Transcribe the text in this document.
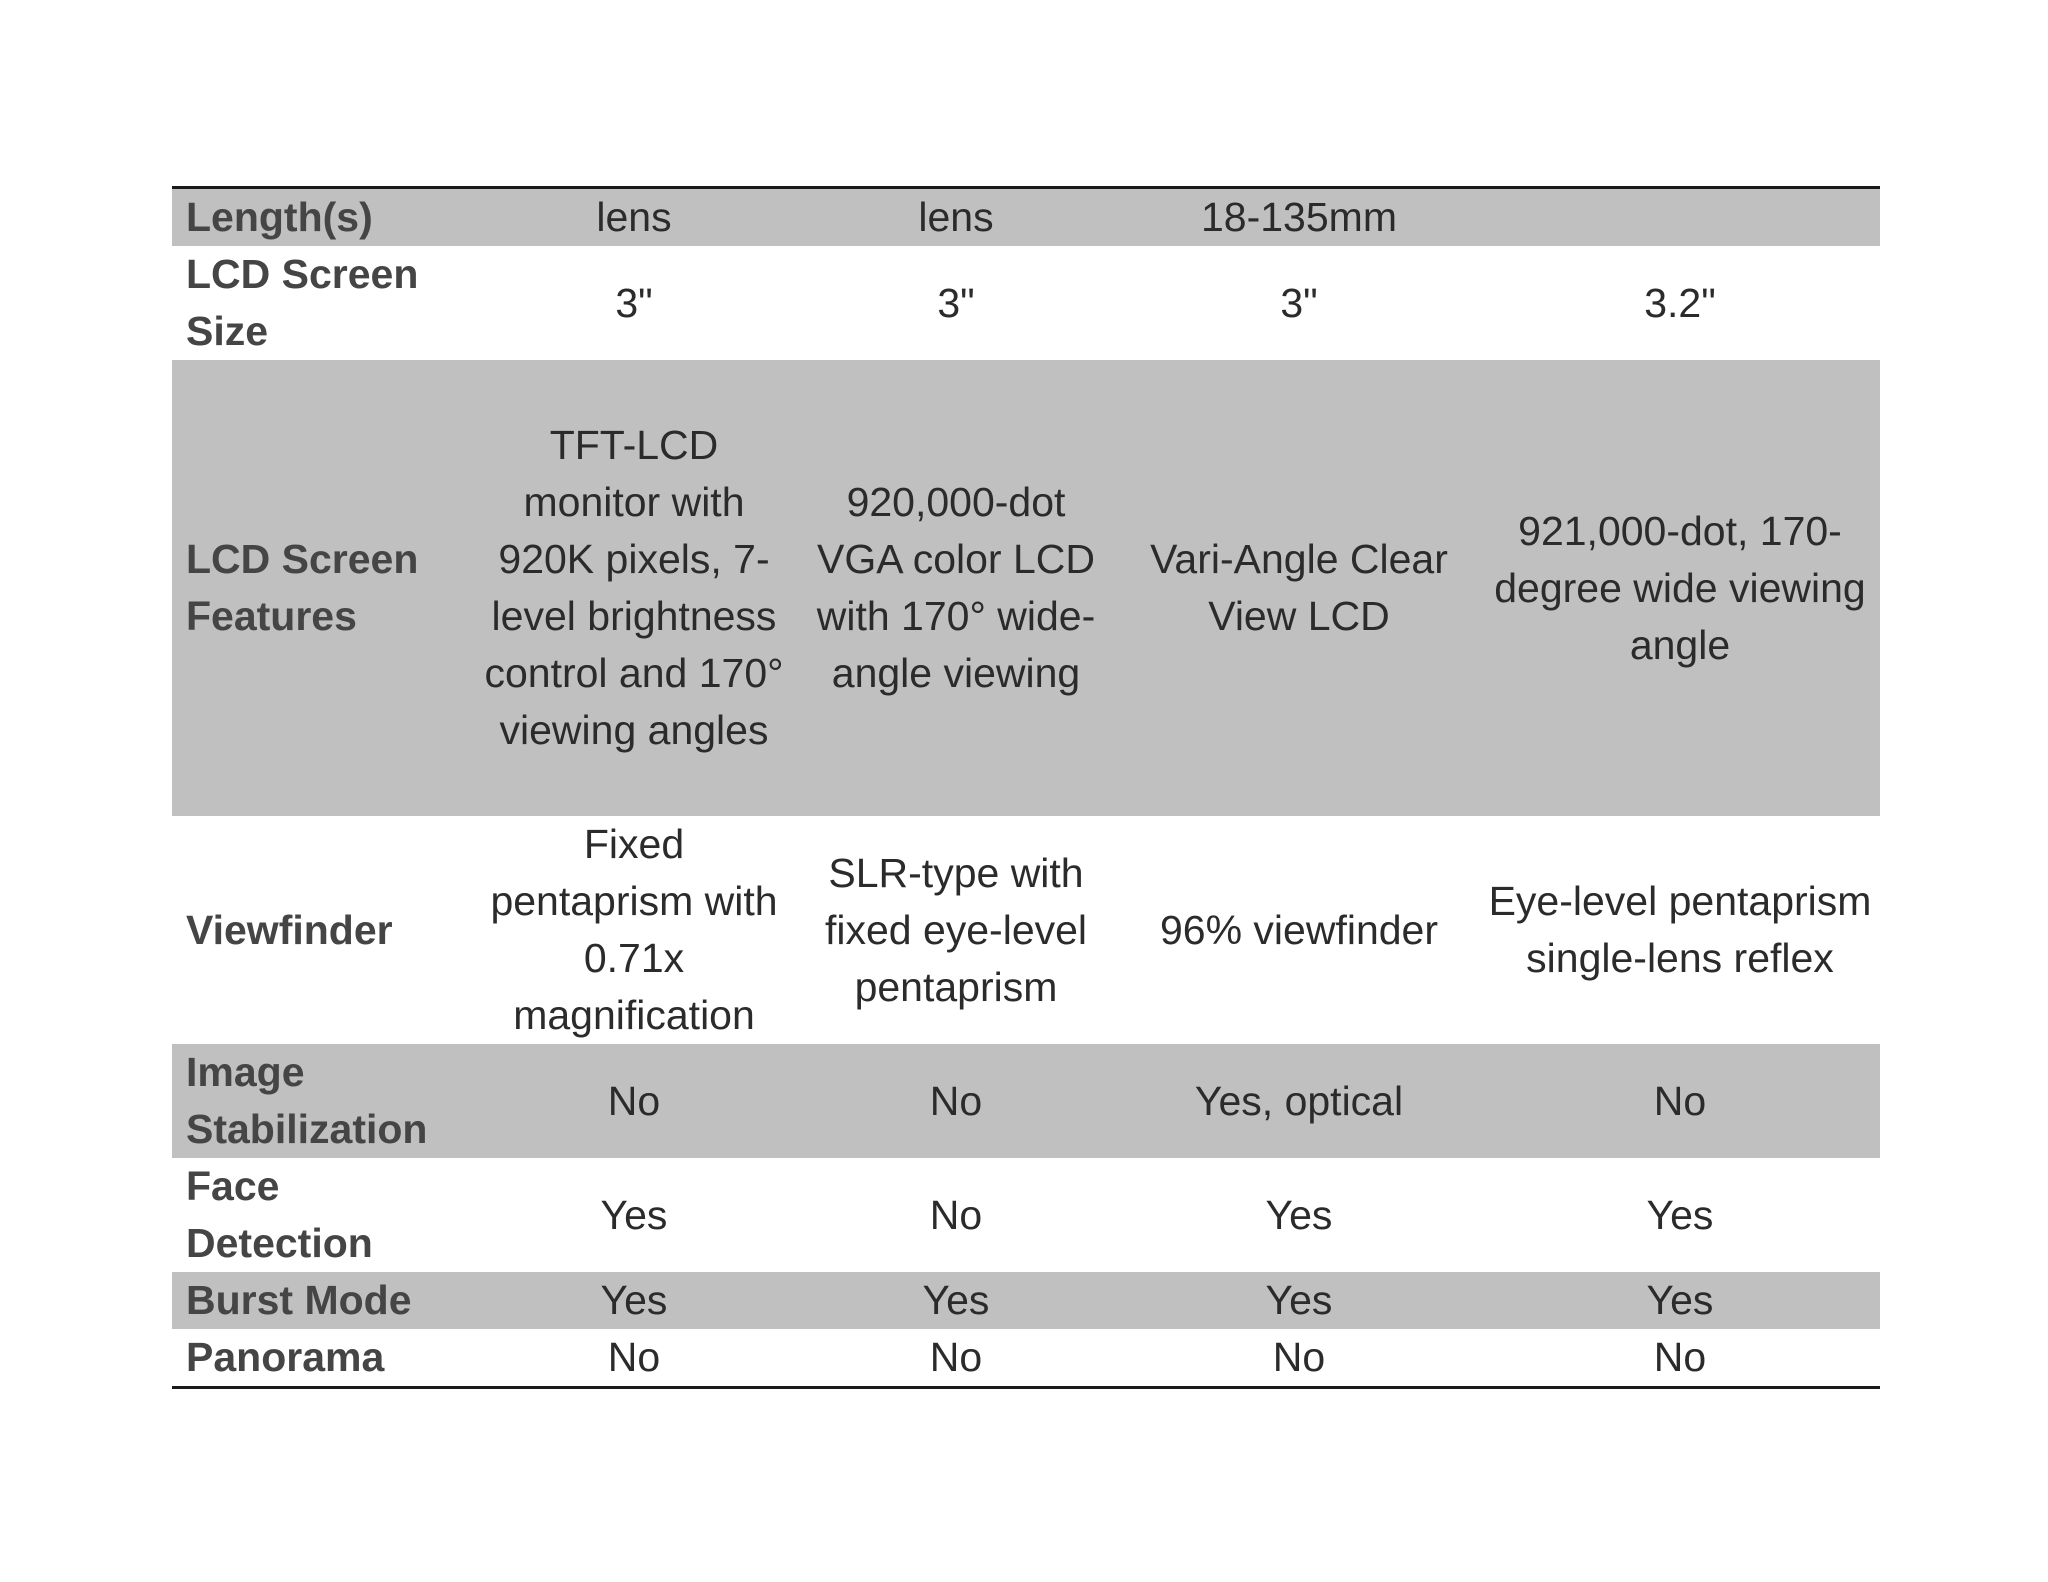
Length(s)	lens	lens	18-135mm	
LCD Screen Size	3"	3"	3"	3.2"
LCD Screen Features	TFT-LCD monitor with 920K pixels, 7-level brightness control and 170° viewing angles	920,000-dot VGA color LCD with 170° wide-angle viewing	Vari-Angle Clear View LCD	921,000-dot, 170-degree wide viewing angle
Viewfinder	Fixed pentaprism with 0.71x magnification	SLR-type with fixed eye-level pentaprism	96% viewfinder	Eye-level pentaprism single-lens reflex
Image Stabilization	No	No	Yes, optical	No
Face Detection	Yes	No	Yes	Yes
Burst Mode	Yes	Yes	Yes	Yes
Panorama	No	No	No	No
